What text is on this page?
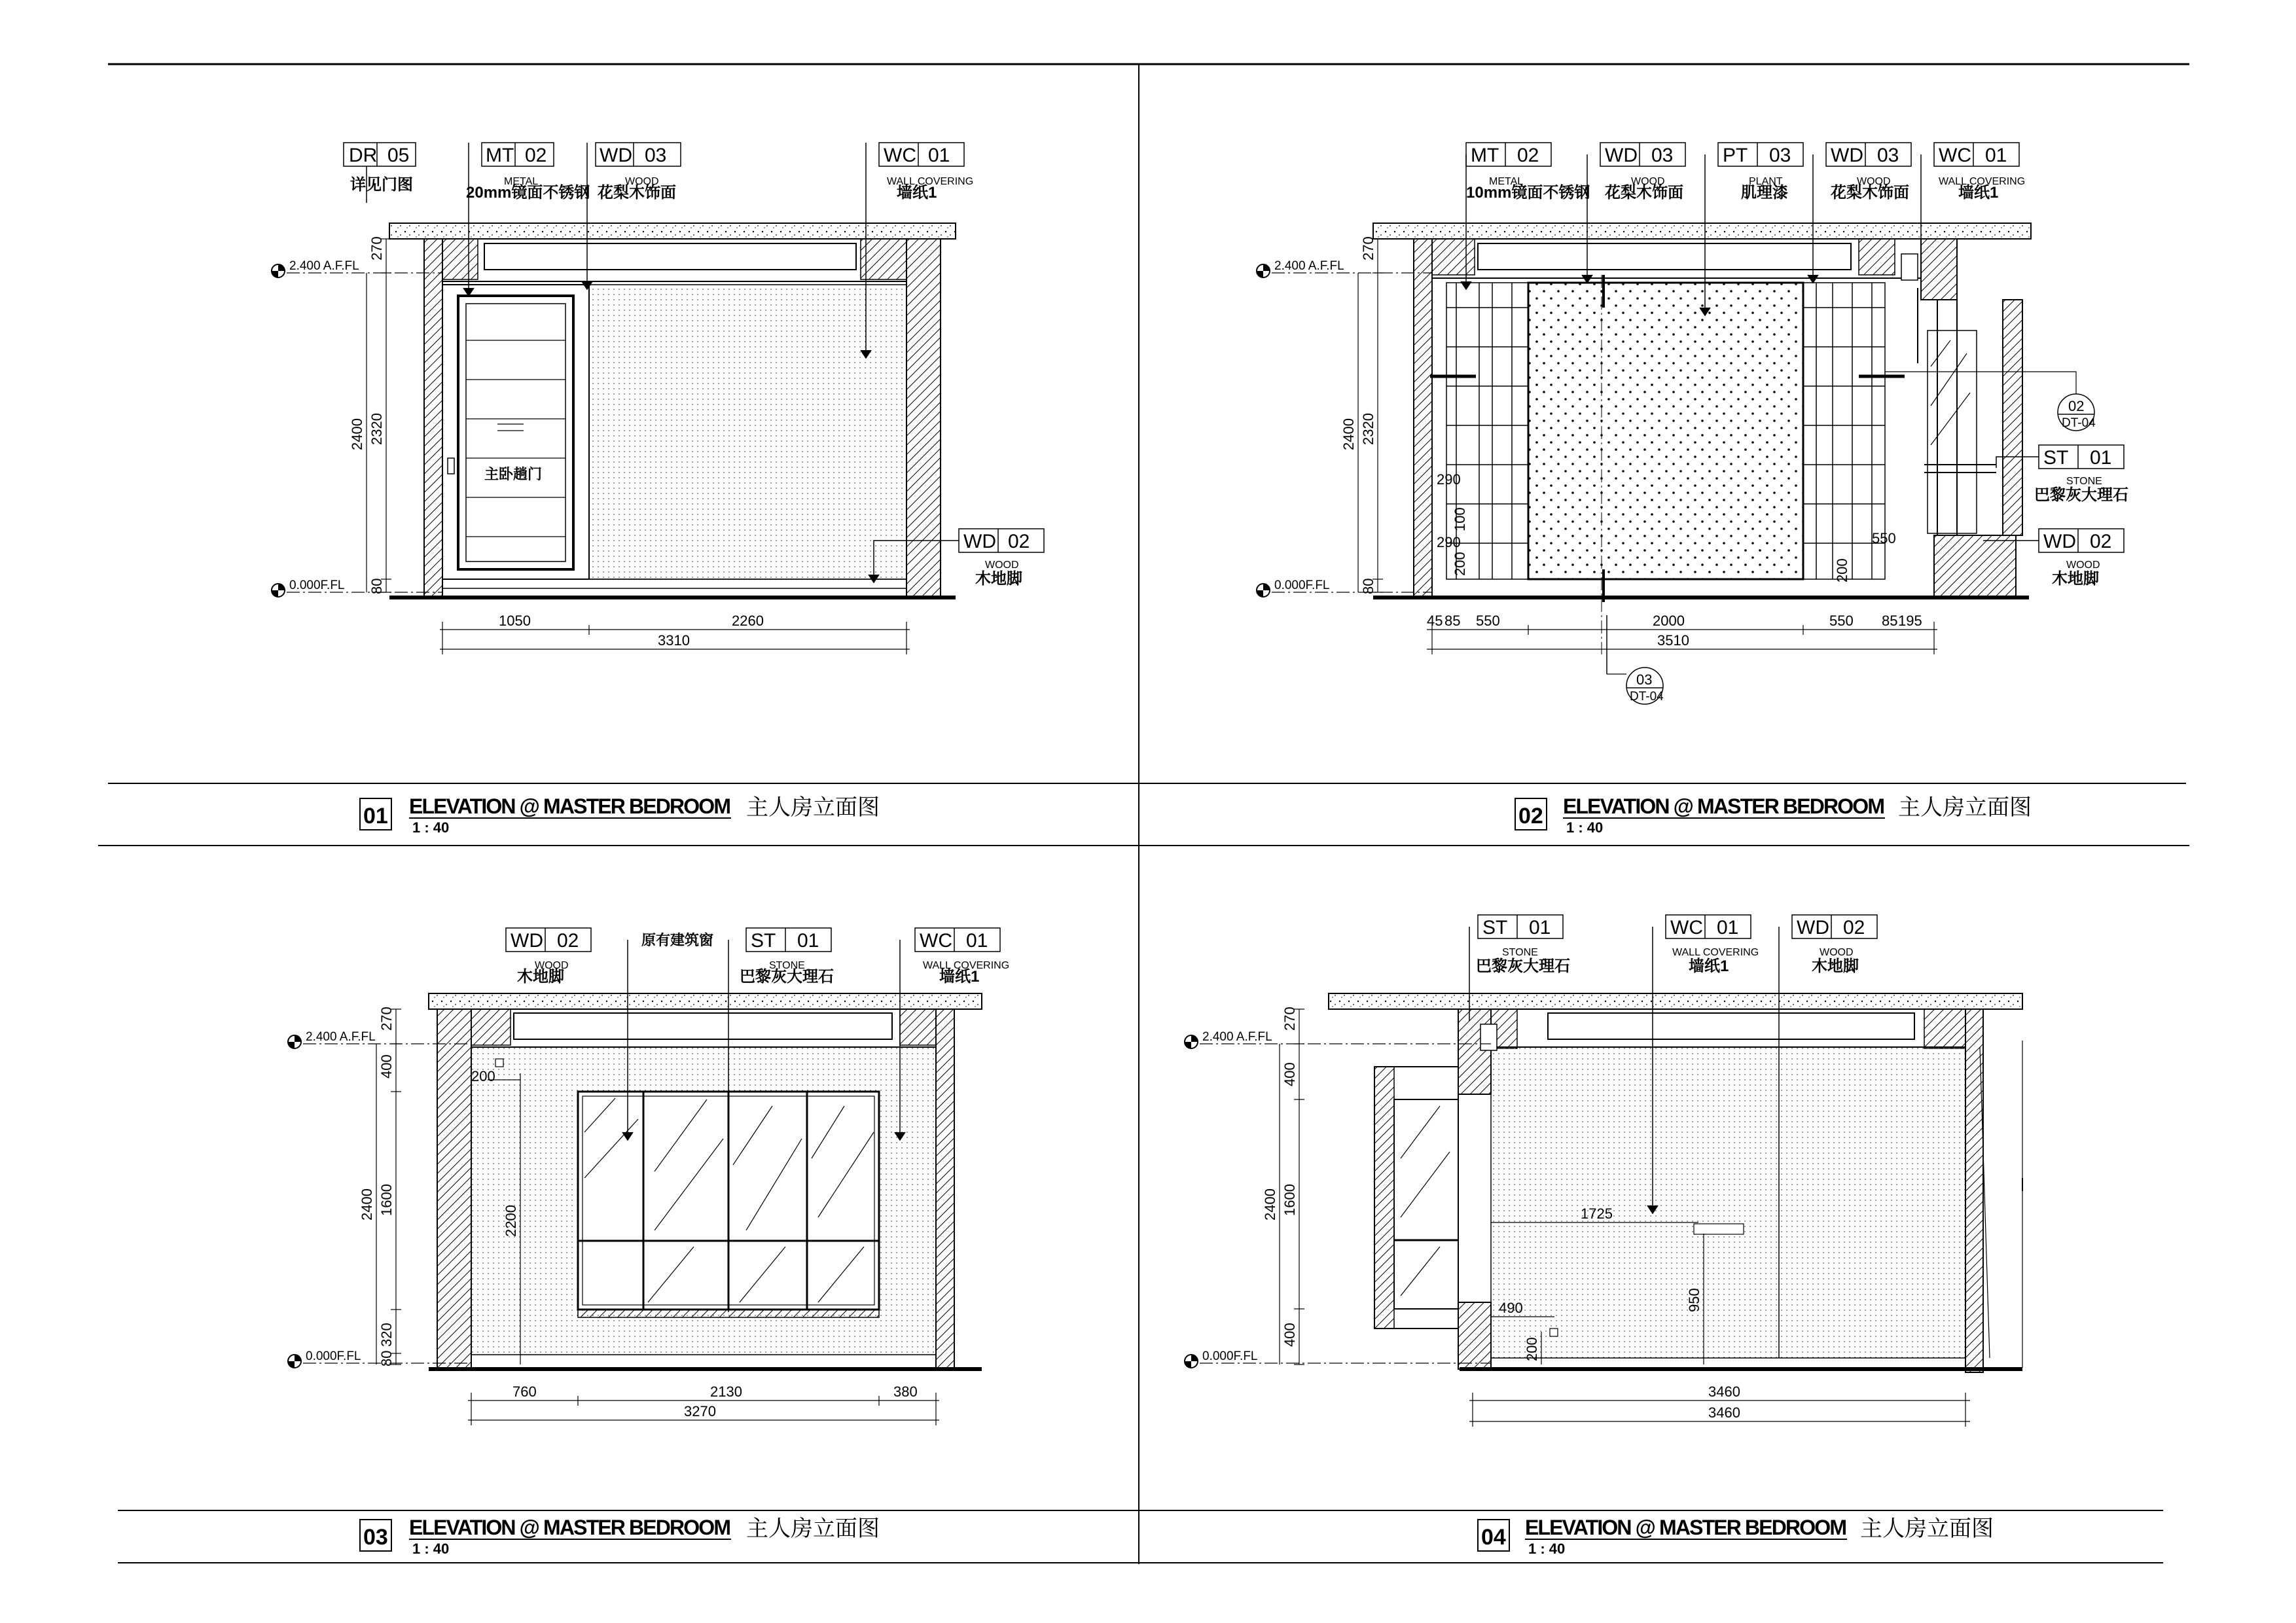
主卧趟门
2.400 A.F.FL
0.000F.FL
270
2400 2320
80
1050	2260
3310
DR 05
详见门图
MT 02
METAL
20mm镜面不锈钢
WD 03
WOOD
花梨木饰面
WC 01
WALL COVERING
墙纸1
WD 02
WOOD
木地脚
2.400 A.F.FL
0.000F.FL
270
2400 2320
80
290
100
290
200
550
200
45 85 550	2000	550 85 195
3510
MT 02
METAL
10mm镜面不锈钢
WD 03
WOOD
花梨木饰面
PT 03
PLANT
肌理漆
WD 03
WOOD
花梨木饰面
WC 01
WALL COVERING
墙纸1
ST 01
STONE
巴黎灰大理石
WD 02
WOOD
木地脚
02
DT-04
03
DT-04
2.400 A.F.FL
0.000F.FL
270
400
2400 1600
320
80
200
2200
760	2130	380
3270
WD 02
WOOD
木地脚
原有建筑窗 ST 01
STONE
巴黎灰大理石
WC 01
WALL COVERING
墙纸1
2.400 A.F.FL
0.000F.FL
270
400
2400 1600
400
950
200
1725
490
3460
3460
ST 01
STONE
巴黎灰大理石
WC 01
WALL COVERING
墙纸1
WD 02
WOOD
木地脚
01 ELEVATION @ MASTER BEDROOM
1 : 40
主人房立面图	02 ELEVATION @ MASTER BEDROOM
1 : 40
主人房立面图
03 ELEVATION @ MASTER BEDROOM
1 : 40
主人房立面图	04 ELEVATION @ MASTER BEDROOM
1 : 40
主人房立面图
